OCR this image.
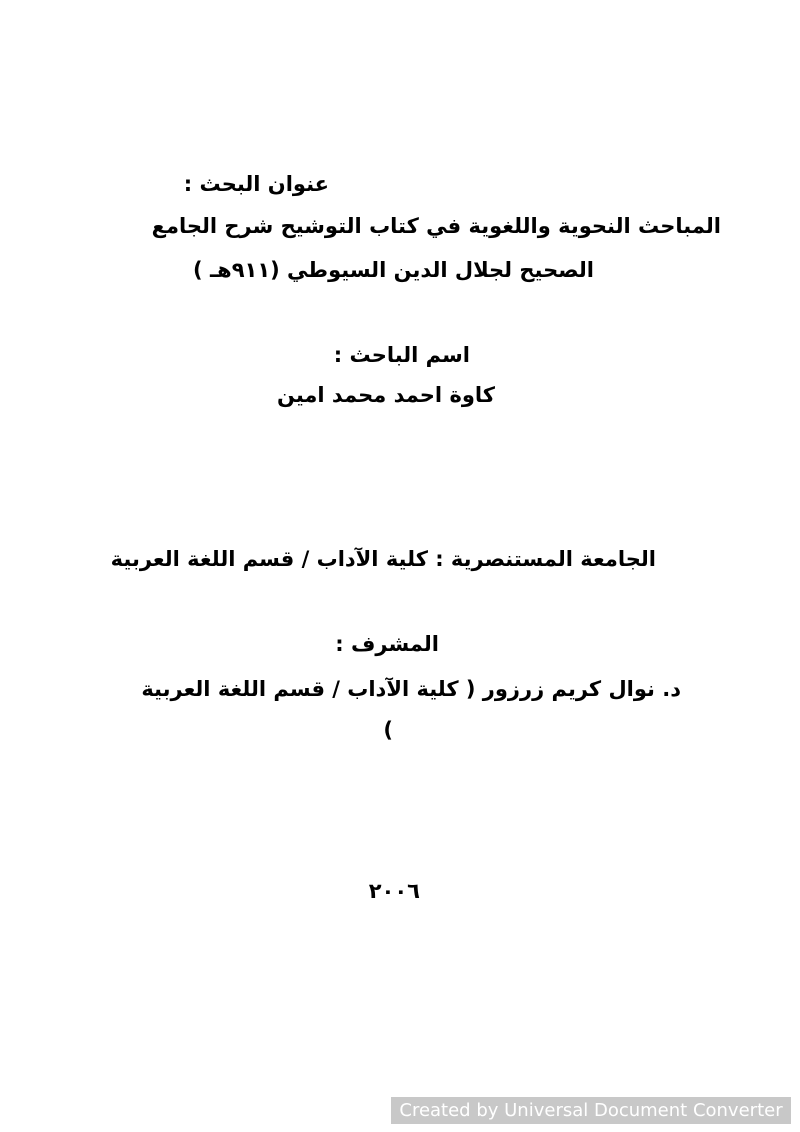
عنوان البحث :

المباحث النحوية واللغوية في كتاب التوشيح شرح الجامع

الصحيح لجلال الدين السيوطي (٩١١هـ )

اسم الباحث :

كاوة احمد محمد امين

الجامعة المستنصرية : كلية الآداب / قسم اللغة العربية

المشرف :

د. نوال كريم زرزور ( كلية الآداب / قسم اللغة العربية

)

٢٠٠٦

Created by Universal Document Converter
